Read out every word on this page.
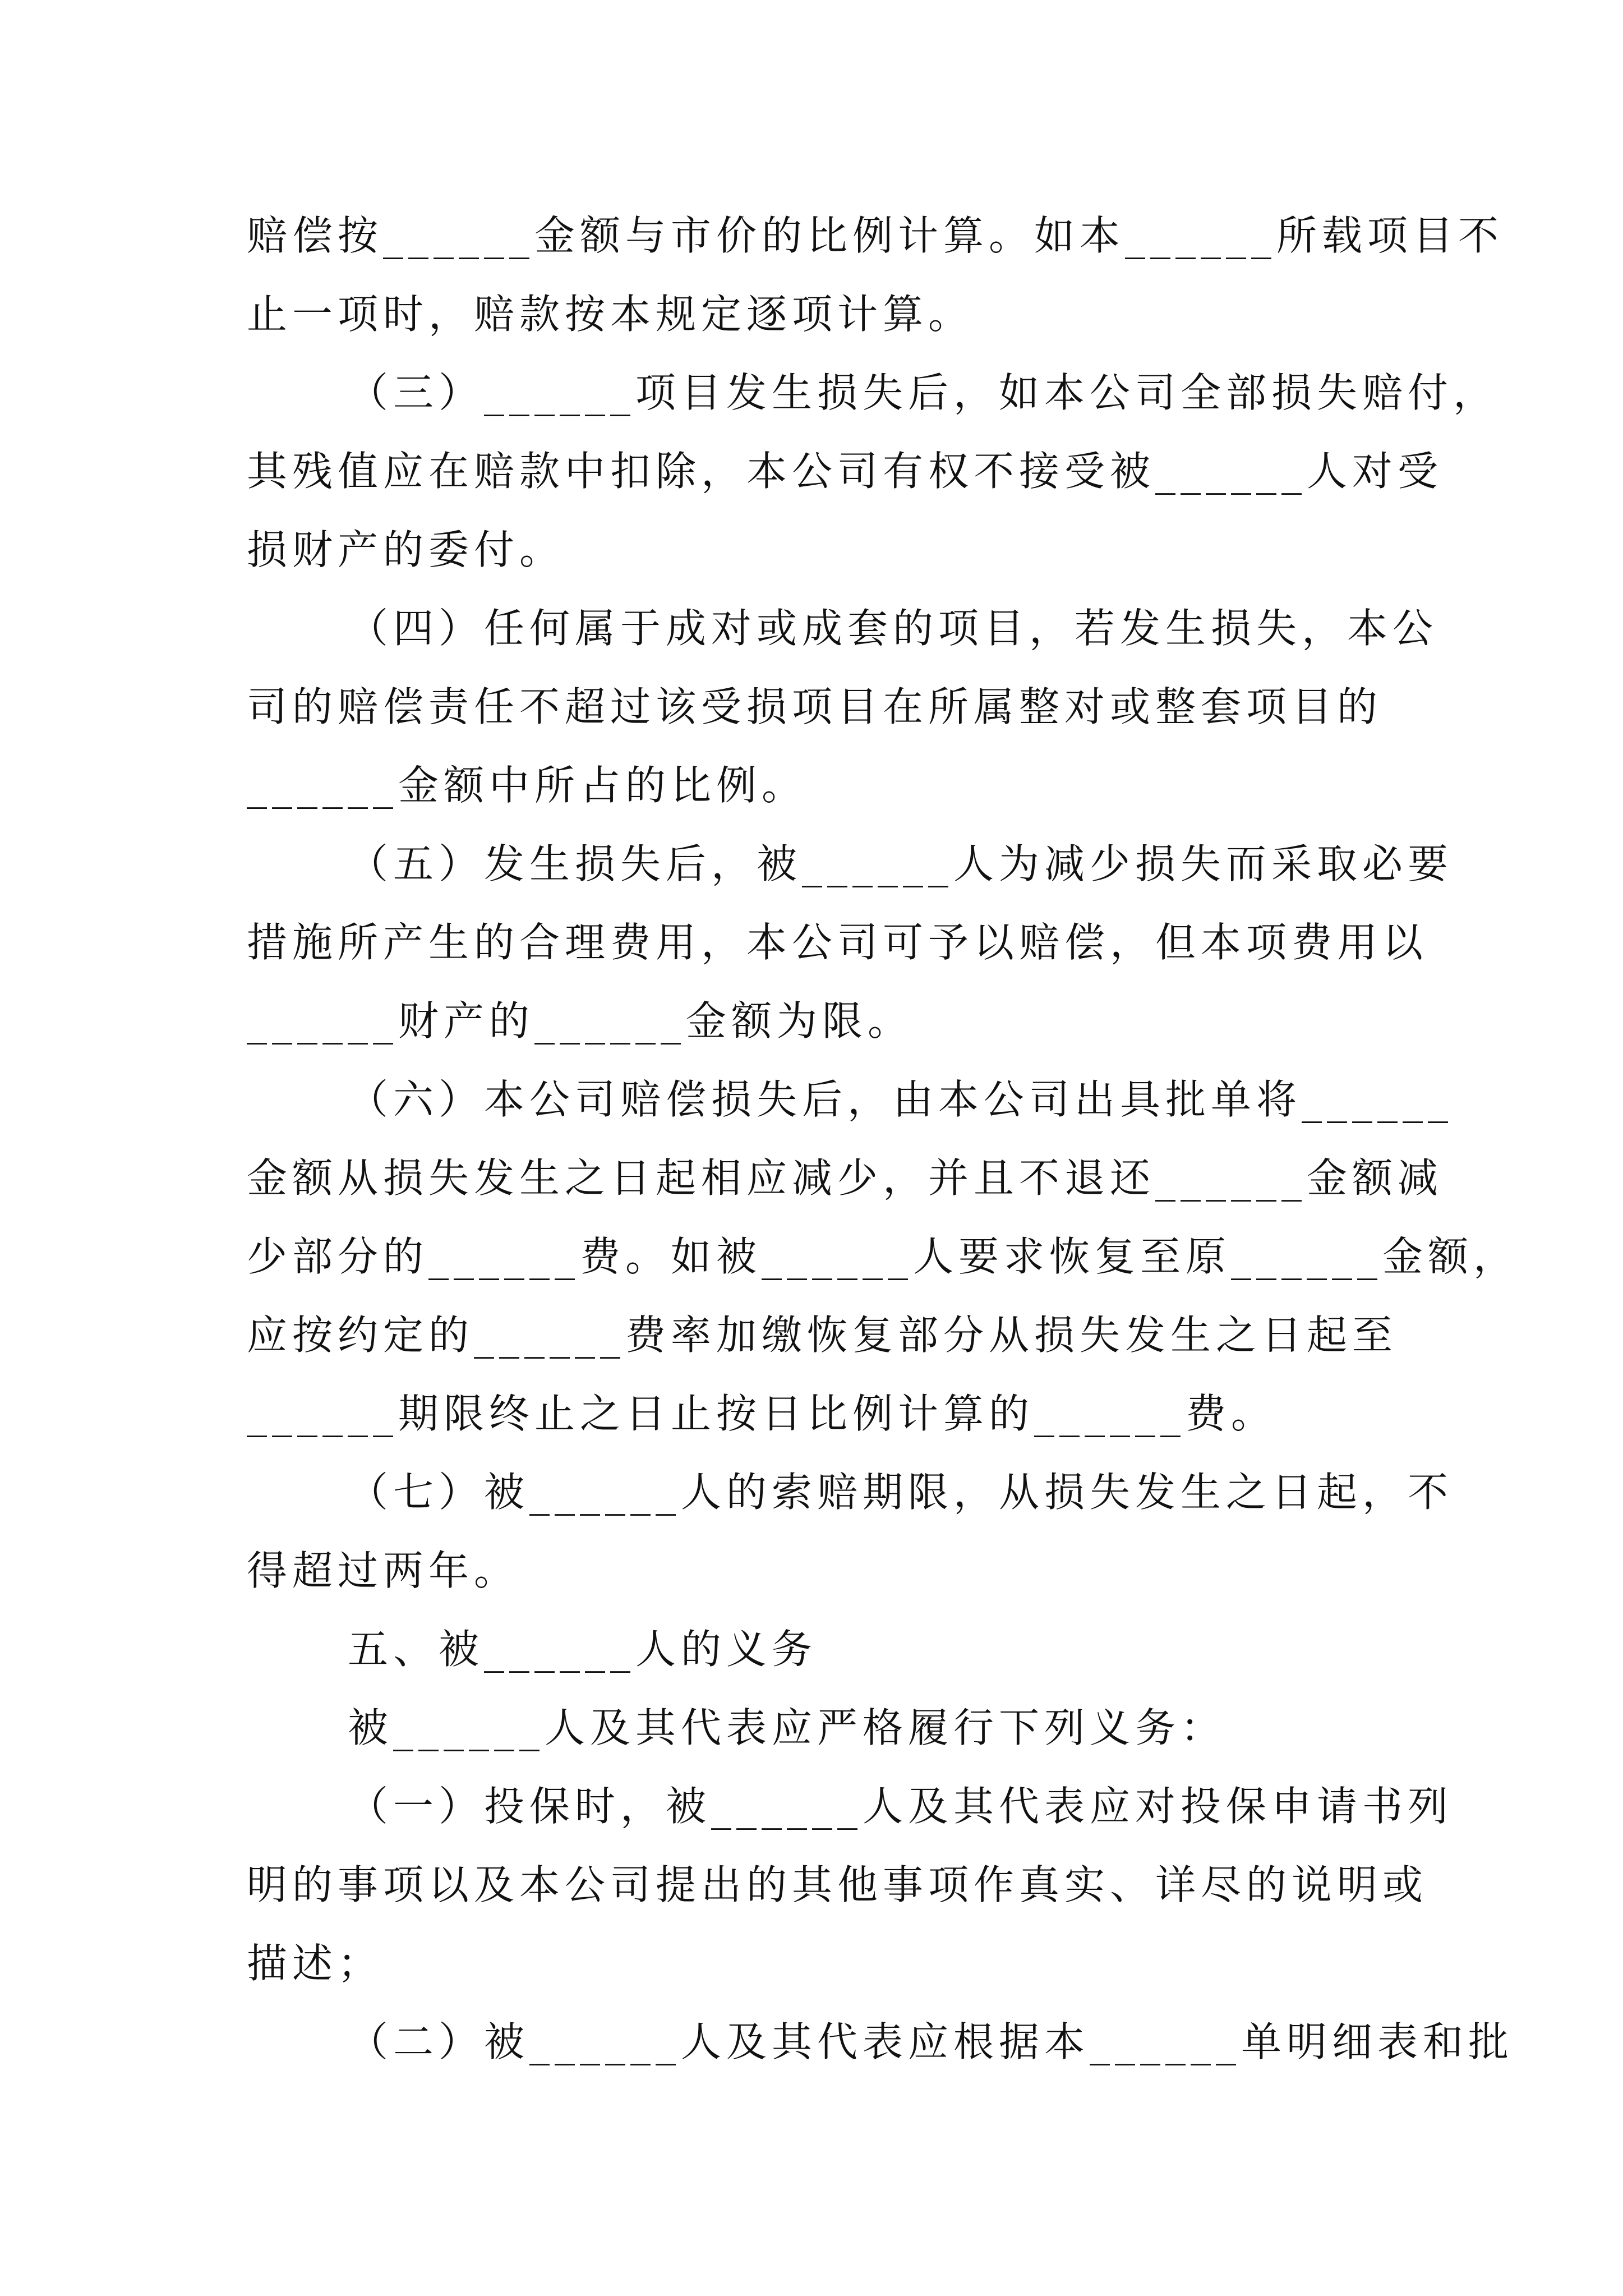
赔偿按______金额与市价的比例计算。如本______所载项目不
止一项时，赔款按本规定逐项计算。
（三）______项目发生损失后，如本公司全部损失赔付，
其残值应在赔款中扣除，本公司有权不接受被______人对受
损财产的委付。
（四）任何属于成对或成套的项目，若发生损失，本公
司的赔偿责任不超过该受损项目在所属整对或整套项目的
______金额中所占的比例。
（五）发生损失后，被______人为减少损失而采取必要
措施所产生的合理费用，本公司可予以赔偿，但本项费用以
______财产的______金额为限。
（六）本公司赔偿损失后，由本公司出具批单将______
金额从损失发生之日起相应减少，并且不退还______金额减
少部分的______费。如被______人要求恢复至原______金额，
应按约定的______费率加缴恢复部分从损失发生之日起至
______期限终止之日止按日比例计算的______费。
（七）被______人的索赔期限，从损失发生之日起，不
得超过两年。
五、被______人的义务
被______人及其代表应严格履行下列义务：
（一）投保时，被______人及其代表应对投保申请书列
明的事项以及本公司提出的其他事项作真实、详尽的说明或
描述；
（二）被______人及其代表应根据本______单明细表和批
